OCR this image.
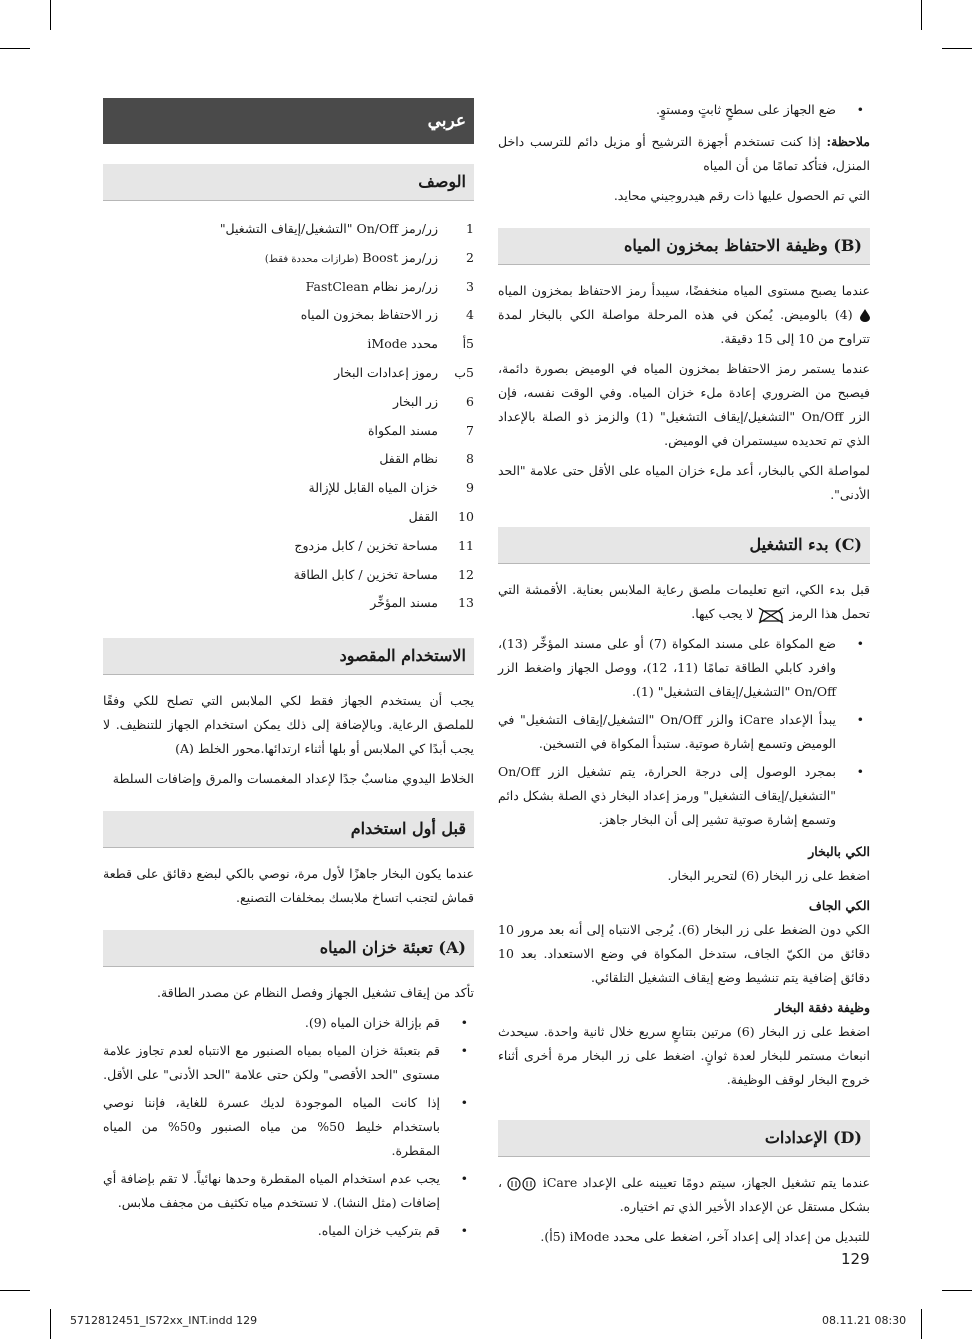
عربي
الوصف
1
زر/رمز On/Off "التشغيل/إيقاف التشغيل"
2
زر/رمز Boost (طرازات محددة فقط)
3
زر/رمز نظام FastClean
4
زر الاحتفاظ بمخزون المياه
5أ
محدد iMode
5ب
رموز إعدادات البخار
6
زر البخار
7
مسند المكواة
8
نظام القفل
9
خزان المياه القابل للإزالة
10
القفل
11
مساحة تخزين / كابل مزدوج
12
مساحة تخزين / كابل الطاقة
13
مسند المؤخِّر
الاستخدام المقصود

يجب أن يستخدم الجهاز فقط لكي الملابس التي تصلح للكي وفقًا للملصق الرعاية. وبالإضافة إلى ذلك يمكن استخدام الجهاز للتنظيف. لا يجب أبدًا كي الملابس أو بلها أثناء ارتدائها.محور الخلط (A)

الخلاط اليدوي مناسبٌ جدًا لإعداد المغمسات والمرق وإضافات السلطة

قبل أول استخدام

عندما يكون البخار جاهزًا لأول مرة، نوصي بالكي لبضع دقائق على قطعة قماش لتجنب اتساخ ملابسك بمخلفات التصنيع.

(A) تعبئة خزان المياه

تأكد من إيقاف تشغيل الجهاز وفصل النظام عن مصدر الطاقة.

•
قم بإزالة خزان المياه (9).
•
قم بتعبئة خزان المياه بمياه الصنبور مع الانتباه لعدم تجاوز علامة مستوى "الحد الأقصى" ولكن حتى علامة "الحد الأدنى" على الأقل.
•
إذا كانت المياه الموجودة لديك عسرة للغاية، فإننا نوصي باستخدام خليط 50% من مياه الصنبور و50% من المياه المقطرة.
•
يجب عدم استخدام المياه المقطرة وحدها نهائياً. لا تقم بإضافة أي إضافات (مثل النشا). لا تستخدم مياه تكثيف من مجفف ملابس.
•
قم بتركيب خزان المياه.
•
ضع الجهاز على سطحٍ ثابتٍ ومستوٍ.

ملاحظة: إذا كنت تستخدم أجهزة الترشيح أو مزيل دائم للترسب داخل المنزل، فتأكد تمامًا من أن المياه

التي تم الحصول عليها ذات رقم هيدروجيني محايد.

(B) وظيفة الاحتفاظ بمخزون المياه

عندما يصبح مستوى المياه منخفضًا، سيبدأ رمز الاحتفاظ بمخزون المياه  (4) بالوميض. يُمكن في هذه المرحلة مواصلة الكي بالبخار لمدة تتراوح من 10 إلى 15 دقيقة.

عندما يستمر رمز الاحتفاظ بمخزون المياه في الوميض بصورة دائمة، فيصبح من الضروري إعادة ملء خزان المياه. وفي الوقت نفسه، فإن الزر On/Off "التشغيل/إيقاف التشغيل" (1) والزمز ذو الصلة بالإعداد الذي تم تحديده سيستمران في الوميض.

لمواصلة الكي بالبخار، أعد ملء خزان المياه على الأقل حتى علامة "الحد الأدنى".

(C) بدء التشغيل

قبل بدء الكي، اتبع تعليمات ملصق رعاية الملابس بعناية. الأقمشة التي تحمل هذا الرمز  لا يجب كيها.

•
ضع المكواة على مسند المكواة (7) أو على مسند المؤخِّر (13)، وافرد كابلي الطاقة تمامًا (11، 12)، ووصل الجهاز واضغط الزر On/Off "التشغيل/إيقاف التشغيل" (1).
•
يبدأ الإعداد iCare والزر On/Off "التشغيل/إيقاف التشغيل" في الوميض وتسمع إشارة صوتية. ستبدأ المكواة في التسخين.
•
بمجرد الوصول إلى درجة الحرارة، يتم تشغيل الزر On/Off "التشغيل/إيقاف التشغيل" ورمز إعداد البخار ذي الصلة بشكل دائم وتسمع إشارة صوتية تشير إلى أن البخار جاهز.

الكي بالبخار

اضغط على زر البخار (6) لتحرير البخار.

الكي الجاف

الكي دون الضغط على زر البخار (6). يُرجى الانتباه إلى أنه بعد مرور 10 دقائق من الكيّ الجاف، ستدخل المكواة في وضع الاستعداد. بعد 10 دقائق إضافية يتم تنشيط وضع إيقاف التشغيل التلقائي.

وظيفة دفقة البخار

اضغط على زر البخار (6) مرتين بتتابعٍ سريع خلال ثانية واحدة. سيحدث انبعاث مستمر للبخار لعدة ثوانٍ. اضغط على زر البخار مرة أخرى أثناء خروج البخار لوقف الوظيفة.

(D) الإعدادات

عندما يتم تشغيل الجهاز، سيتم دومًا تعيينه على الإعداد iCare  ، بشكل مستقل عن الإعداد الأخير الذي تم اختياره.

للتبديل من إعداد إلى إعداد آخر، اضغط على محدد iMode (5أ).

129
5712812451_IS72xx_INT.indd 129	08.11.21 08:30
